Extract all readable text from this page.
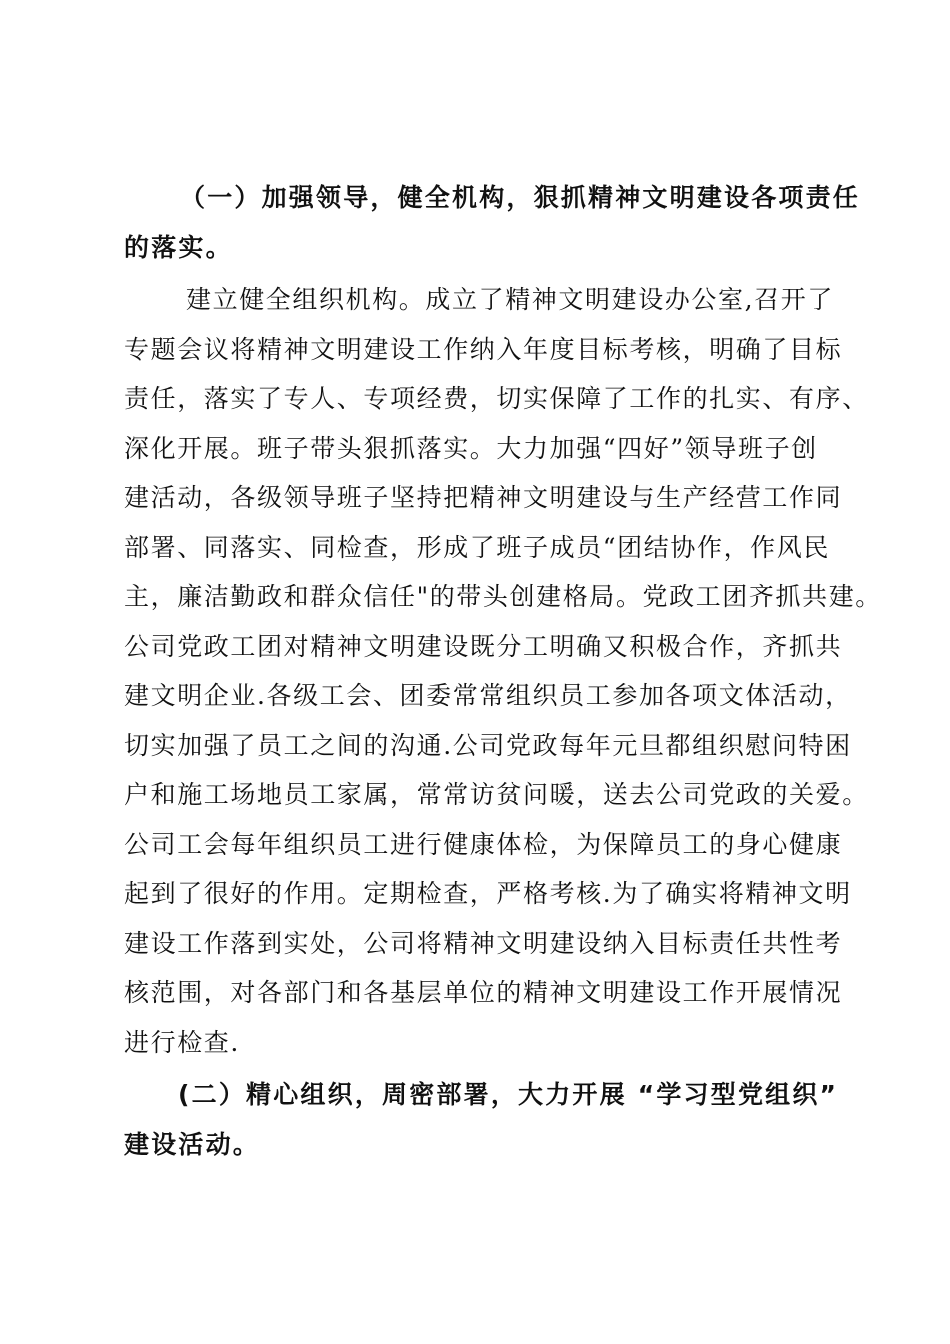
（一）加强领导，健全机构，狠抓精神文明建设各项责任
的落实。
建立健全组织机构。成立了精神文明建设办公室,召开了
专题会议将精神文明建设工作纳入年度目标考核，明确了目标
责任，落实了专人、专项经费，切实保障了工作的扎实、有序、
深化开展。班子带头狠抓落实。大力加强“四好”领导班子创
建活动，各级领导班子坚持把精神文明建设与生产经营工作同
部署、同落实、同检查，形成了班子成员“团结协作，作风民
主，廉洁勤政和群众信任"的带头创建格局。党政工团齐抓共建。
公司党政工团对精神文明建设既分工明确又积极合作，齐抓共
建文明企业.各级工会、团委常常组织员工参加各项文体活动，
切实加强了员工之间的沟通.公司党政每年元旦都组织慰问特困
户和施工场地员工家属，常常访贫问暖，送去公司党政的关爱。
公司工会每年组织员工进行健康体检，为保障员工的身心健康
起到了很好的作用。定期检查，严格考核.为了确实将精神文明
建设工作落到实处，公司将精神文明建设纳入目标责任共性考
核范围，对各部门和各基层单位的精神文明建设工作开展情况
进行检查.
(二）精心组织，周密部署，大力开展 “学习型党组织”
建设活动。
